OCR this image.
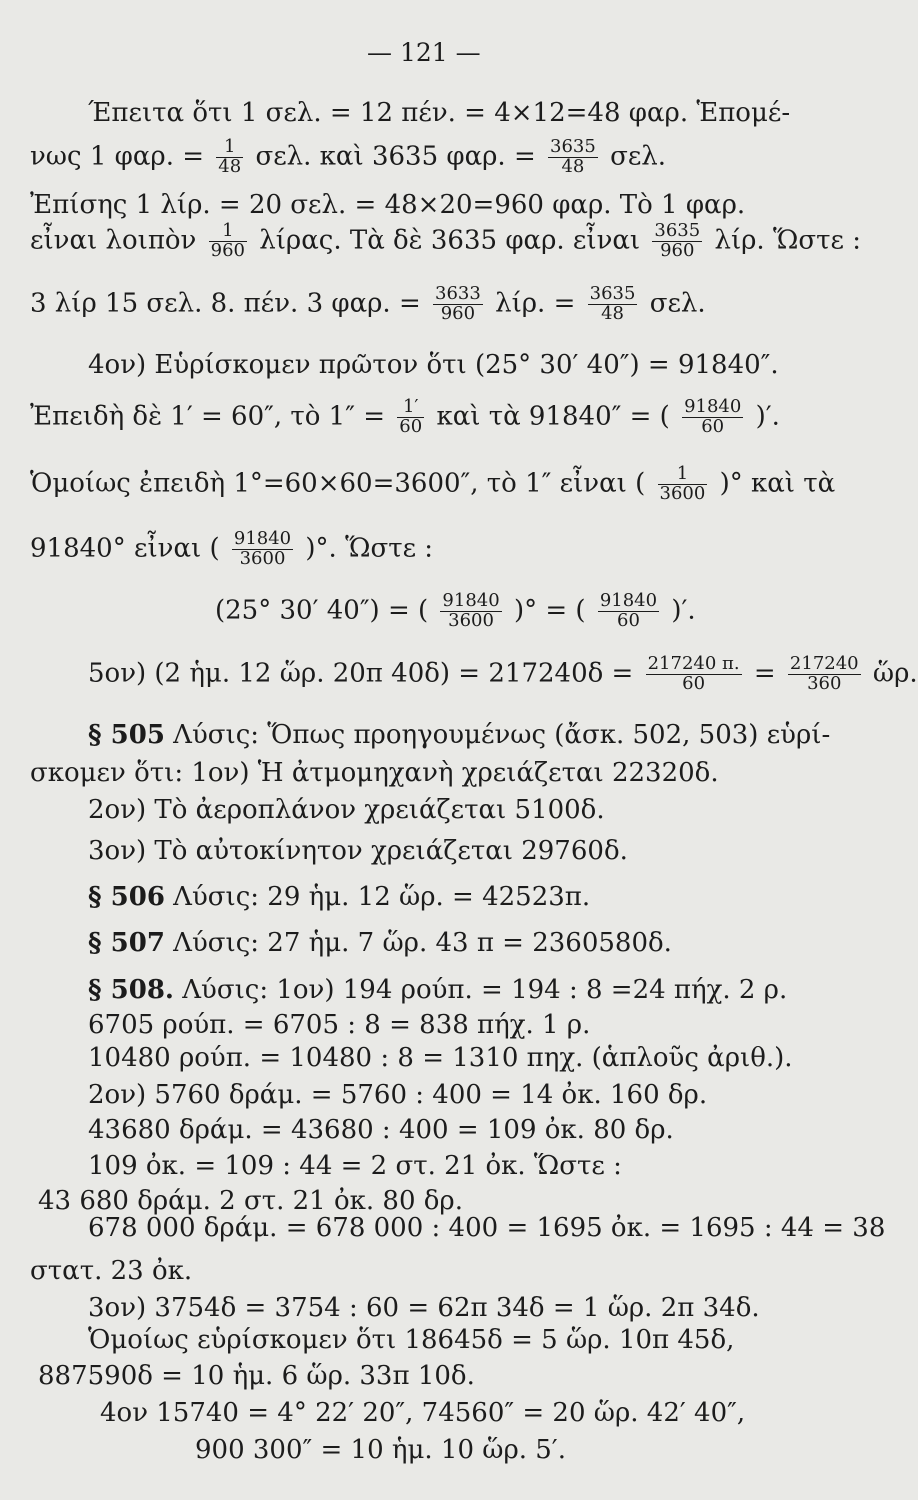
— 121 —
Έπειτα ὅτι 1 σελ. = 12 πέν. = 4×12=48 φαρ. Ἑπομέ-
νως 1 φαρ. = $\frac{1}{48} \sigma\varepsilon\lambda$. καὶ 3635 φαρ. = $\frac{3635}{48} \sigma\varepsilon\lambda$.
Ἐπίσης 1 λίρ. = 20 σελ. = 48×20=960 φαρ. Τὸ 1 φαρ.
εἶναι λοιπὸν $\frac{1}{960} \lambda ί\rho\alpha\varsigma$. Τὰ δὲ 3635 φαρ. εἶναι $\frac{3635}{960} \lambda ί\rho$. Ὥστε :
3 λίρ 15 σελ. 8. πέν. 3 φαρ. = $\frac{3633}{960} \lambda ί\rho$. = $\frac{3635}{48} \sigma\varepsilon\lambda$.
4ον) Εὑρίσκομεν πρῶτον ὅτι (25° 30′ 40″) = 91840″.
Ἐπειδὴ δὲ 1′ = 60″, τὸ $1'' = \frac{1'}{60}$ καὶ τὰ 91840″ = ( $\frac{91840}{60}$ )′.
Ὁμοίως ἐπειδὴ 1°=60×60=3600″, τὸ 1″ εἶναι ( $\frac{1}{3600}$ )° καὶ τὰ
91840° εἶναι ( $\frac{91840}{3600}$ )°. Ὥστε :
(25° 30′ 40″) = ( $\frac{91840}{3600}$ )° = ( $\frac{91840}{60}$ )′.
5ον) (2 ἡμ. 12 ὥρ. 20π $40\delta) = 217240\delta = \frac{217240 \pi.}{60} = \frac{217240}{360}$ ὥρ.
§ 505 Λύσις: Ὅπως προηγουμένως (ἄσκ. 502, 503) εὑρί-
σκομεν ὅτι: 1ον) Ἡ ἀτμομηχανὴ χρειάζεται 22320δ.
2ον) Τὸ ἀεροπλάνον χρειάζεται 5100δ.
3ον) Τὸ αὐτοκίνητον χρειάζεται 29760δ.
§ 506 Λύσις: 29 ἡμ. 12 ὥρ. = 42523π.
§ 507 Λύσις: 27 ἡμ. 7 ὥρ. 43 π = 2360580δ.
§ 508. Λύσις: 1ον) 194 ρούπ. = 194 : 8 =24 πήχ. 2 ρ.
6705 ρούπ. = 6705 : 8 = 838 πήχ. 1 ρ.
10480 ρούπ. = 10480 : 8 = 1310 πηχ. (ἁπλοῦς ἀριθ.).
2ον) 5760 δράμ. = 5760 : 400 = 14 ὀκ. 160 δρ.
43680 δράμ. = 43680 : 400 = 109 ὀκ. 80 δρ.
109 ὀκ. = 109 : 44 = 2 στ. 21 ὀκ. Ὥστε :
43 680 δράμ. 2 στ. 21 ὀκ. 80 δρ.
678 000 δράμ. = 678 000 : 400 = 1695 ὀκ. = 1695 : 44 = 38
στατ. 23 ὀκ.
3ον) 3754δ = 3754 : 60 = 62π 34δ = 1 ὥρ. 2π 34δ.
Ὁμοίως εὑρίσκομεν ὅτι 18645δ = 5 ὥρ. 10π 45δ,
887590δ = 10 ἡμ. 6 ὥρ. 33π 10δ.
4ον 15740 = 4° 22′ 20″, 74560″ = 20 ὥρ. 42′ 40″,
900 300″ = 10 ἡμ. 10 ὥρ. 5′.
